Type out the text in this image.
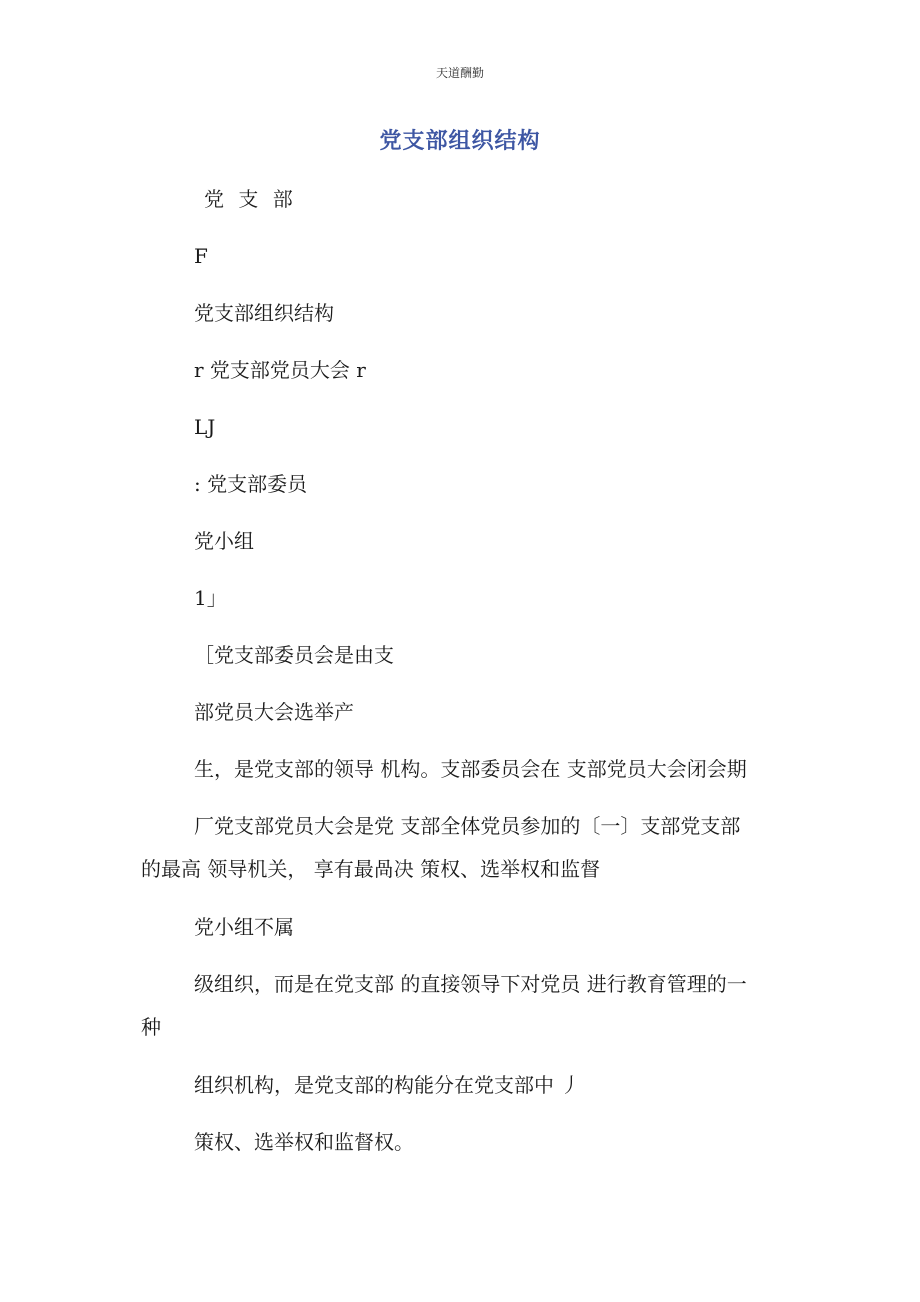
天道酬勤
党支部组织结构
党 支 部
F
党支部组织结构
r 党支部党员大会 r
LJ
: 党支部委员
党小组
1」
［党支部委员会是由支
部党员大会选举产
生，是党支部的领导 机构。支部委员会在 支部党员大会闭会期
厂党支部党员大会是党 支部全体党员参加的〔一〕支部党支部
的最高 领导机关， 享有最咼决 策权、选举权和监督
党小组不属
级组织，而是在党支部 的直接领导下对党员 进行教育管理的一
种
组织机构，是党支部的构能分在党支部中 丿
策权、选举权和监督权。
